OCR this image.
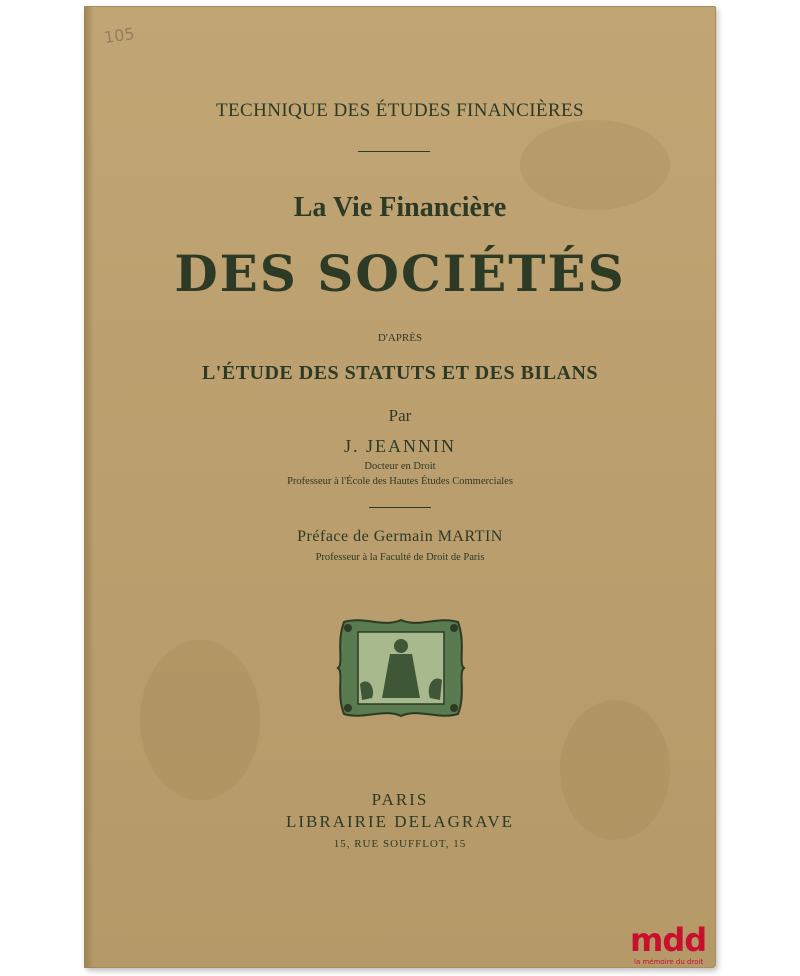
105
TECHNIQUE DES ÉTUDES FINANCIÈRES
La Vie Financière
DES SOCIÉTÉS
D'APRÈS
L'ÉTUDE DES STATUTS ET DES BILANS
Par
J. JEANNIN
Docteur en Droit
Professeur à l'École des Hautes Études Commerciales
Préface de Germain MARTIN
Professeur à la Faculté de Droit de Paris
PARIS
LIBRAIRIE DELAGRAVE
15, RUE SOUFFLOT, 15
mdd
la mémoire du droit
